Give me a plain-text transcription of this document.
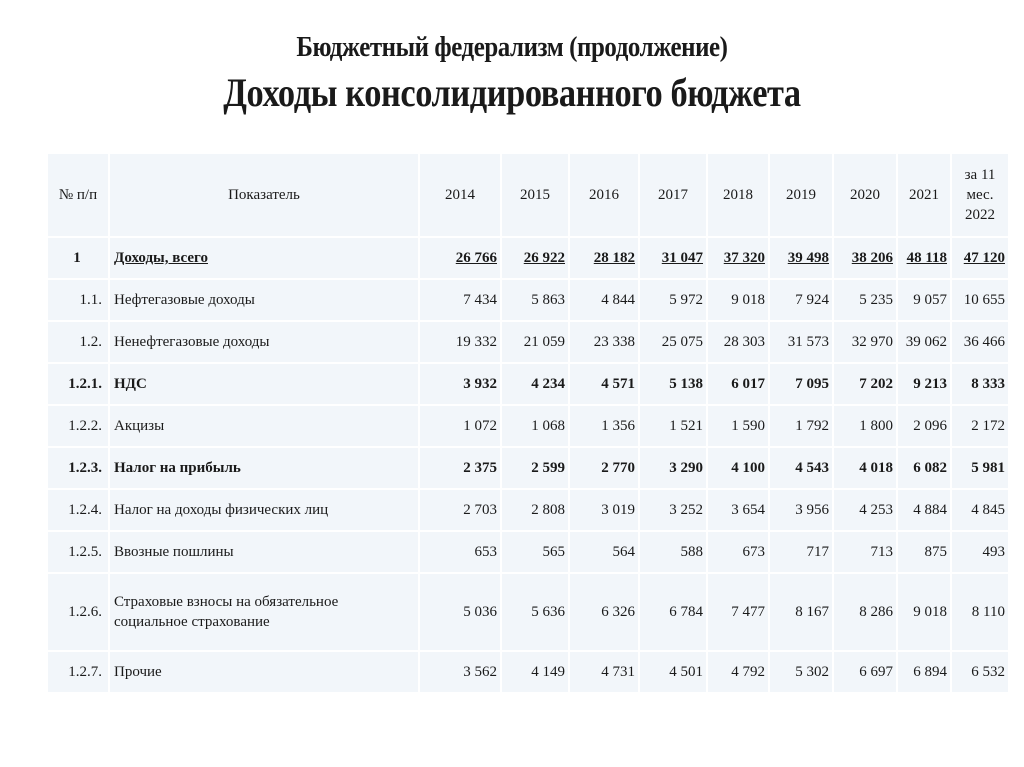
Бюджетный федерализм (продолжение)
Доходы консолидированного бюджета
№ п/п	Показатель	2014	2015	2016	2017	2018	2019	2020	2021	за 11
мес.
2022

1	Доходы, всего	26 766	26 922	28 182	31 047	37 320	39 498	38 206	48 118	47 120
1.1.	Нефтегазовые доходы	7 434	5 863	4 844	5 972	9 018	7 924	5 235	9 057	10 655
1.2.	Ненефтегазовые доходы	19 332	21 059	23 338	25 075	28 303	31 573	32 970	39 062	36 466
1.2.1.	НДС	3 932	4 234	4 571	5 138	6 017	7 095	7 202	9 213	8 333
1.2.2.	Акцизы	1 072	1 068	1 356	1 521	1 590	1 792	1 800	2 096	2 172
1.2.3.	Налог на прибыль	2 375	2 599	2 770	3 290	4 100	4 543	4 018	6 082	5 981
1.2.4.	Налог на доходы физических лиц	2 703	2 808	3 019	3 252	3 654	3 956	4 253	4 884	4 845
1.2.5.	Ввозные пошлины	653	565	564	588	673	717	713	875	493
1.2.6.	Страховые взносы на обязательное социальное страхование	5 036	5 636	6 326	6 784	7 477	8 167	8 286	9 018	8 110
1.2.7.	Прочие	3 562	4 149	4 731	4 501	4 792	5 302	6 697	6 894	6 532
